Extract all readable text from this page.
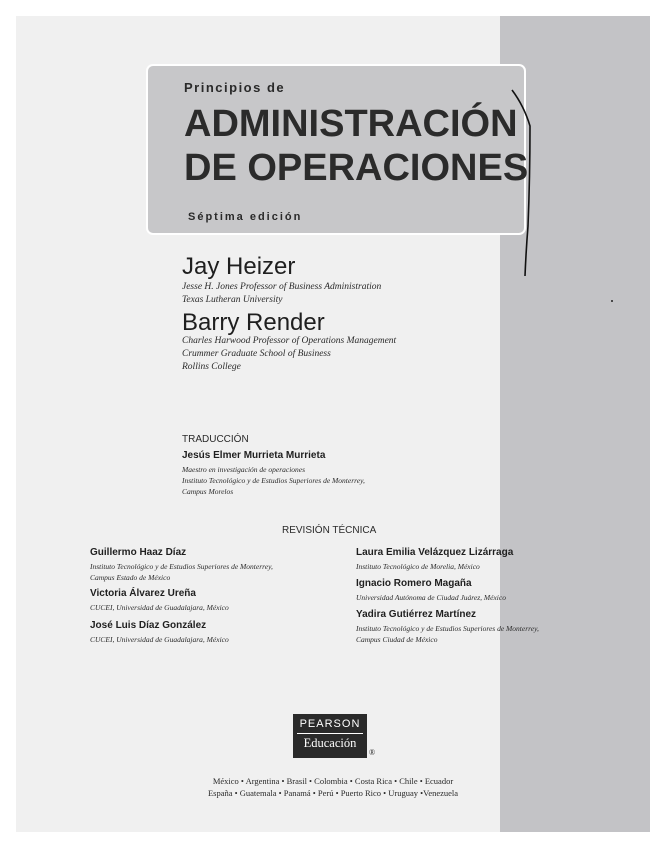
Principios de
ADMINISTRACIÓN
DE OPERACIONES
Séptima edición
Jay Heizer
Jesse H. Jones Professor of Business Administration
Texas Lutheran University
Barry Render
Charles Harwood Professor of Operations Management
Crummer Graduate School of Business
Rollins College
TRADUCCIÓN
Jesús Elmer Murrieta Murrieta
Maestro en investigación de operaciones
Instituto Tecnológico y de Estudios Superiores de Monterrey,
Campus Morelos
REVISIÓN TÉCNICA
Guillermo Haaz Díaz
Instituto Tecnológico y de Estudios Superiores de Monterrey,
Campus Estado de México
Victoria Álvarez Ureña
CUCEI, Universidad de Guadalajara, México
José Luis Díaz González
CUCEI, Universidad de Guadalajara, México
Laura Emilia Velázquez Lizárraga
Instituto Tecnológico de Morelia, México
Ignacio Romero Magaña
Universidad Autónoma de Ciudad Juárez, México
Yadira Gutiérrez Martínez
Instituto Tecnológico y de Estudios Superiores de Monterrey,
Campus Ciudad de México
PEARSON
Educación
®
México • Argentina • Brasil • Colombia • Costa Rica • Chile • Ecuador
España • Guatemala • Panamá • Perú • Puerto Rico • Uruguay •Venezuela
